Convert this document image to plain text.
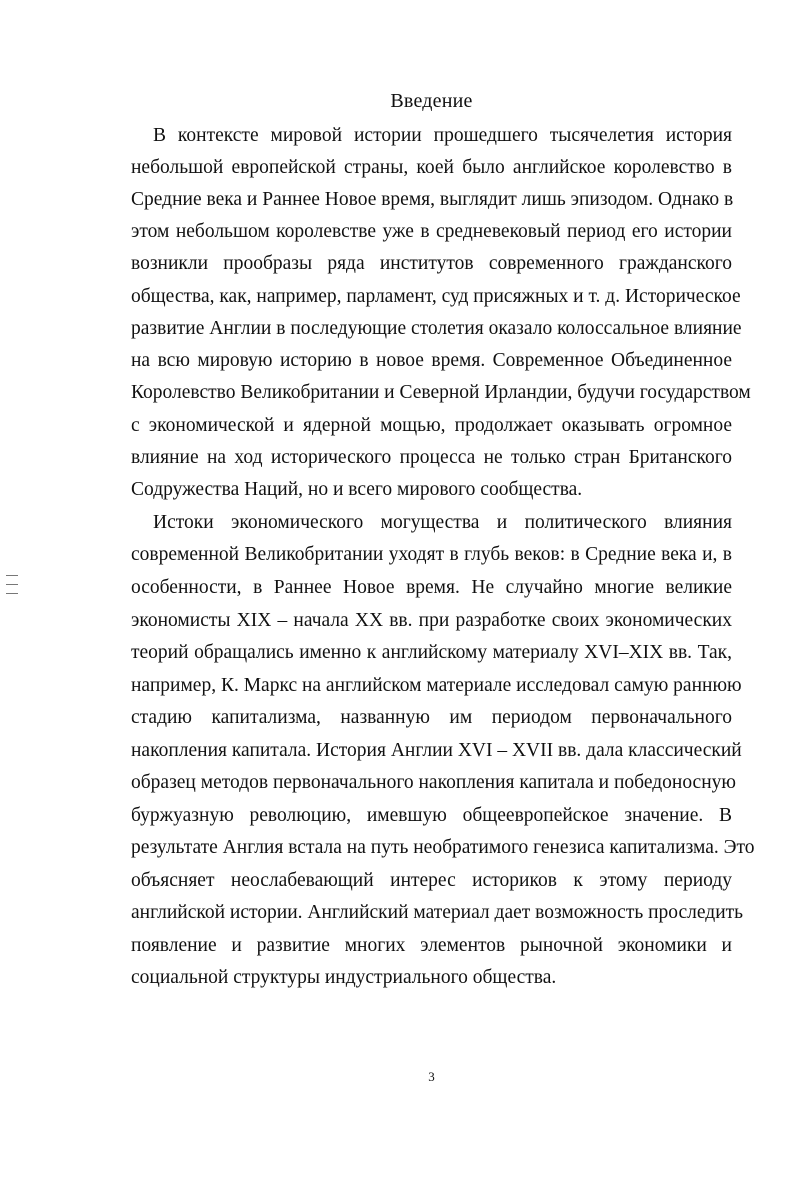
Введение

В контексте мировой истории прошедшего тысячелетия история

небольшой европейской страны, коей было английское королевство в

Средние века и Раннее Новое время, выглядит лишь эпизодом. Однако в

этом небольшом королевстве уже в средневековый период его истории

возникли прообразы ряда институтов современного гражданского

общества, как, например, парламент, суд присяжных и т. д. Историческое

развитие Англии в последующие столетия оказало колоссальное влияние

на всю мировую историю в новое время. Современное Объединенное

Королевство Великобритании и Северной Ирландии, будучи государством

с экономической и ядерной мощью, продолжает оказывать огромное

влияние на ход исторического процесса не только стран Британского

Содружества Наций, но и всего мирового сообщества.

Истоки экономического могущества и политического влияния

современной Великобритании уходят в глубь веков: в Средние века и, в

особенности, в Раннее Новое время. Не случайно многие великие

экономисты XIX – начала XX вв. при разработке своих экономических

теорий обращались именно к английскому материалу XVI–XIX вв. Так,

например, К. Маркс на английском материале исследовал самую раннюю

стадию капитализма, названную им периодом первоначального

накопления капитала. История Англии XVI – XVII вв. дала классический

образец методов первоначального накопления капитала и победоносную

буржуазную революцию, имевшую общеевропейское значение. В

результате Англия встала на путь необратимого генезиса капитализма. Это

объясняет неослабевающий интерес историков к этому периоду

английской истории. Английский материал дает возможность проследить

появление и развитие многих элементов рыночной экономики и

социальной структуры индустриального общества.

3
